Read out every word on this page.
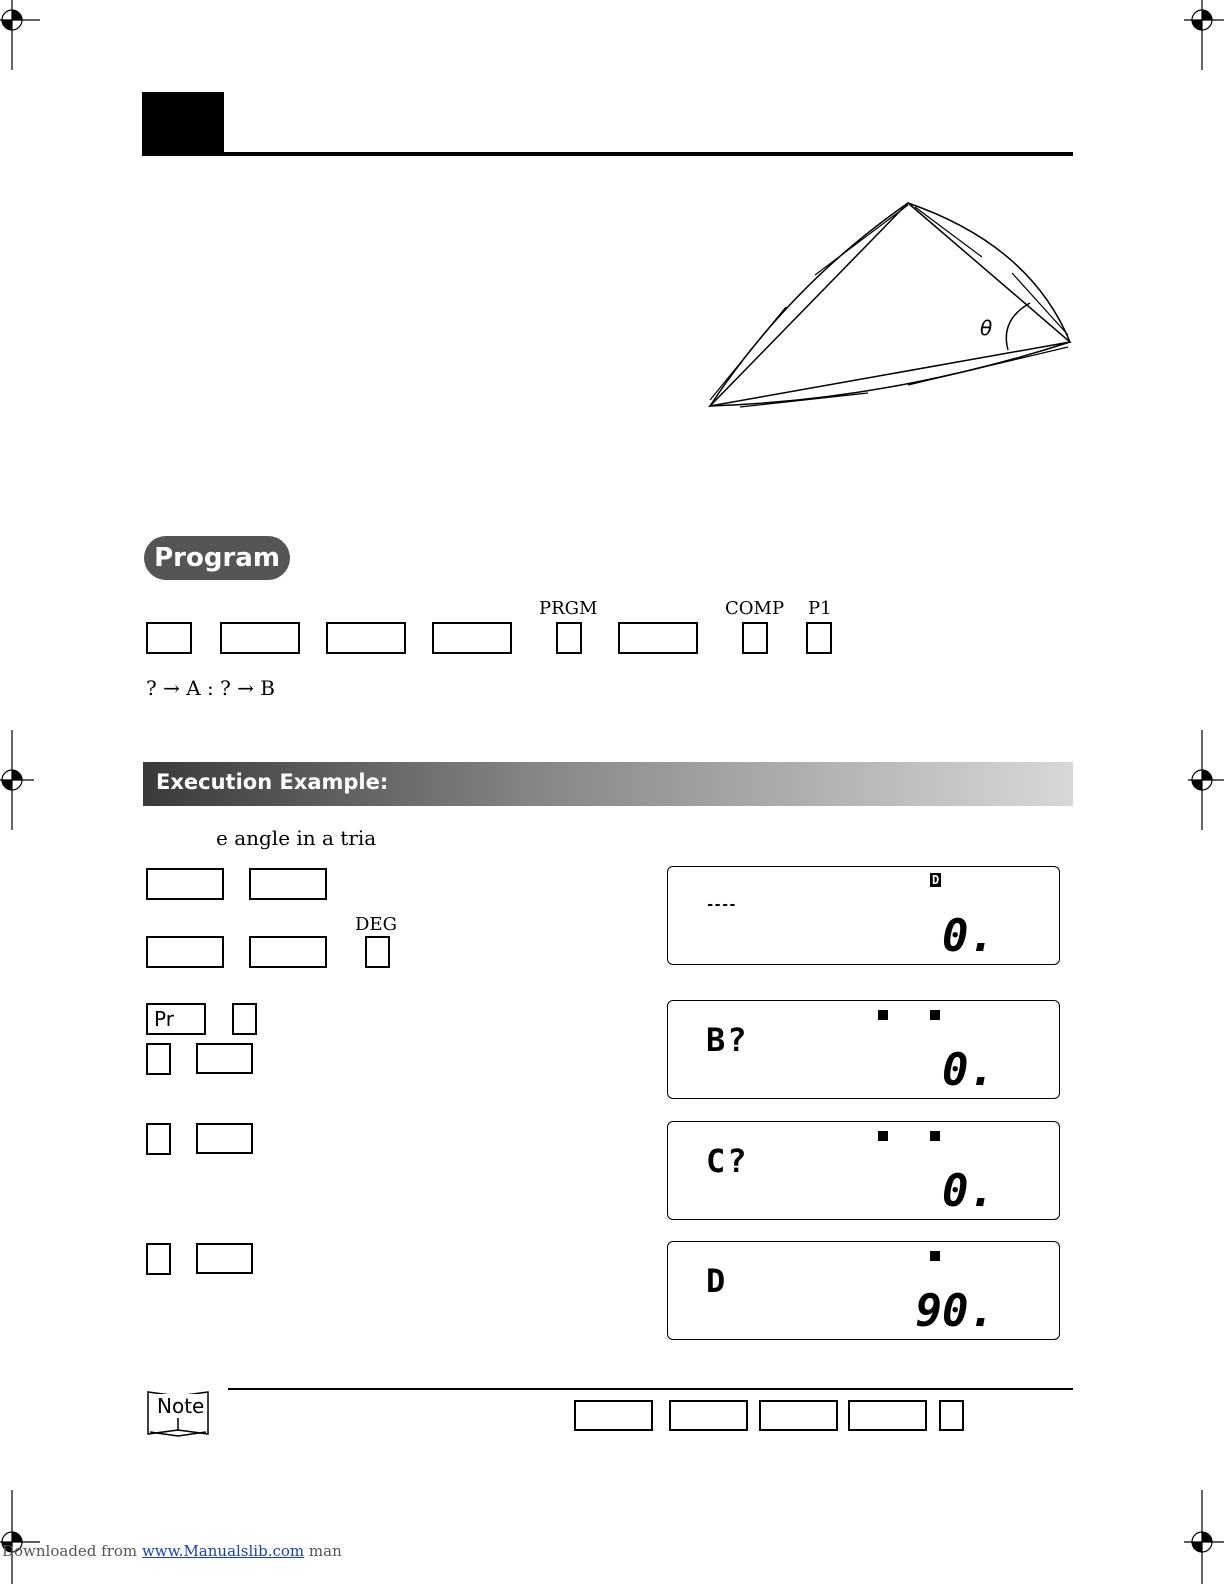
θ
Program
PRGM	COMP P1
? → A : ? → B
Execution Example:
e angle in a tria
DEG
Pr
D
----
0.
B?
0.
C?
0.
D
90.
Note
Downloaded from www.Manualslib.com man
